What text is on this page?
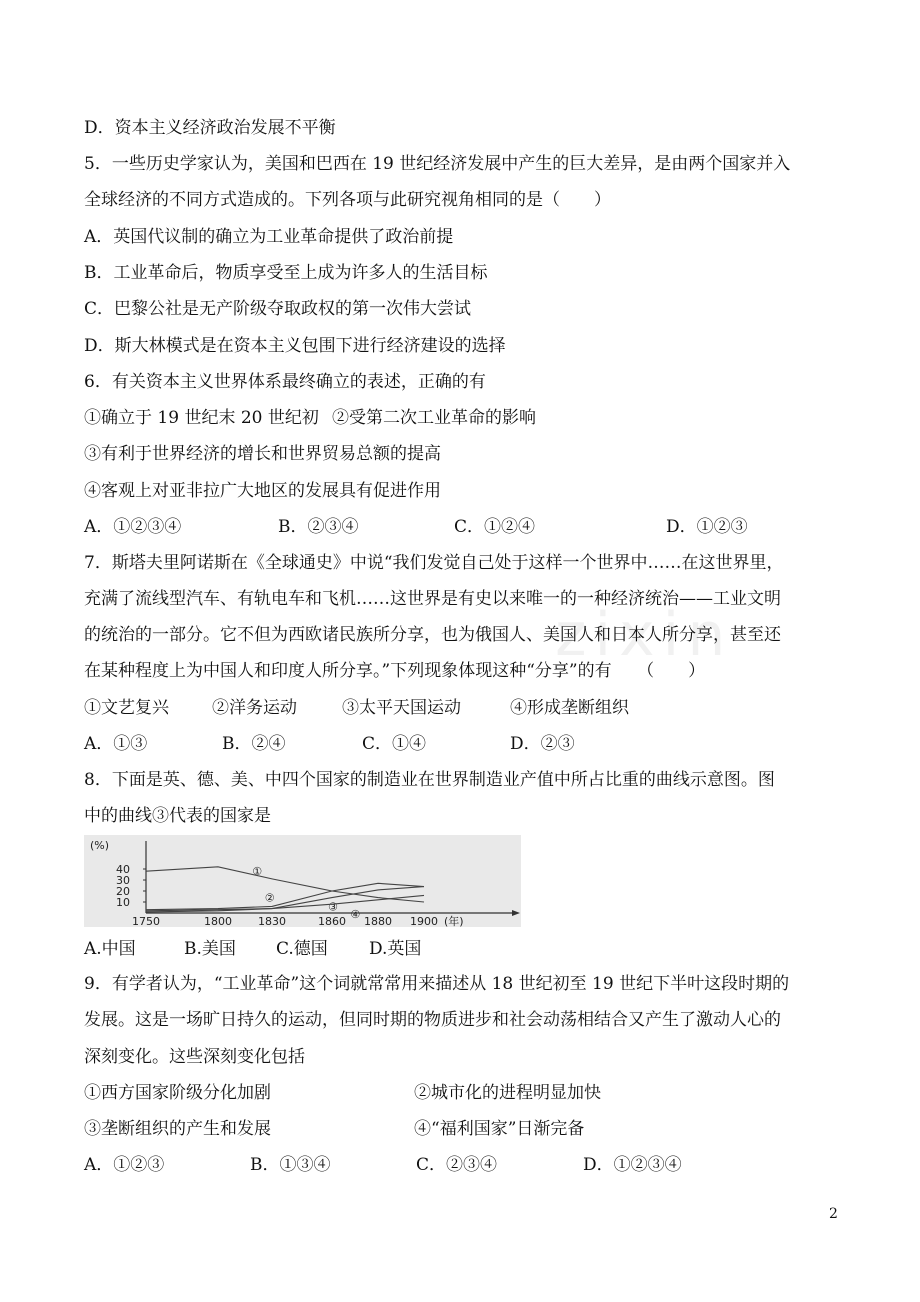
zixin

D．资本主义经济政治发展不平衡

5．一些历史学家认为，美国和巴西在 19 世纪经济发展中产生的巨大差异，是由两个国家并入

全球经济的不同方式造成的。下列各项与此研究视角相同的是（　　）

A．英国代议制的确立为工业革命提供了政治前提

B．工业革命后，物质享受至上成为许多人的生活目标

C．巴黎公社是无产阶级夺取政权的第一次伟大尝试

D．斯大林模式是在资本主义包围下进行经济建设的选择

6．有关资本主义世界体系最终确立的表述，正确的有

①确立于 19 世纪末 20 世纪初 ②受第二次工业革命的影响

③有利于世界经济的增长和世界贸易总额的提高

④客观上对亚非拉广大地区的发展具有促进作用

A．①②③④	B．②③④	C．①②④	D．①②③

7．斯塔夫里阿诺斯在《全球通史》中说“我们发觉自己处于这样一个世界中……在这世界里，

充满了流线型汽车、有轨电车和飞机……这世界是有史以来唯一的一种经济统治——工业文明

的统治的一部分。它不但为西欧诸民族所分享，也为俄国人、美国人和日本人所分享，甚至还

在某种程度上为中国人和印度人所分享。”下列现象体现这种“分享”的有　　（　　）

①文艺复兴	②洋务运动	③太平天国运动	④形成垄断组织
A．①③	B．②④	C．①④	D．②③

8．下面是英、德、美、中四个国家的制造业在世界制造业产值中所占比重的曲线示意图。图

中的曲线③代表的国家是

(%)
40
30
20
10
1750	1800 1830	1860 1880 1900 (年)
①
②
③
④
A.中国	B.美国 C.德国 D.英国

9．有学者认为，“工业革命”这个词就常常用来描述从 18 世纪初至 19 世纪下半叶这段时期的

发展。这是一场旷日持久的运动，但同时期的物质进步和社会动荡相结合又产生了激动人心的

深刻变化。这些深刻变化包括

①西方国家阶级分化加剧	②城市化的进程明显加快
③垄断组织的产生和发展	④“福利国家”日渐完备
A．①②③	B．①③④	C．②③④	D．①②③④
2
